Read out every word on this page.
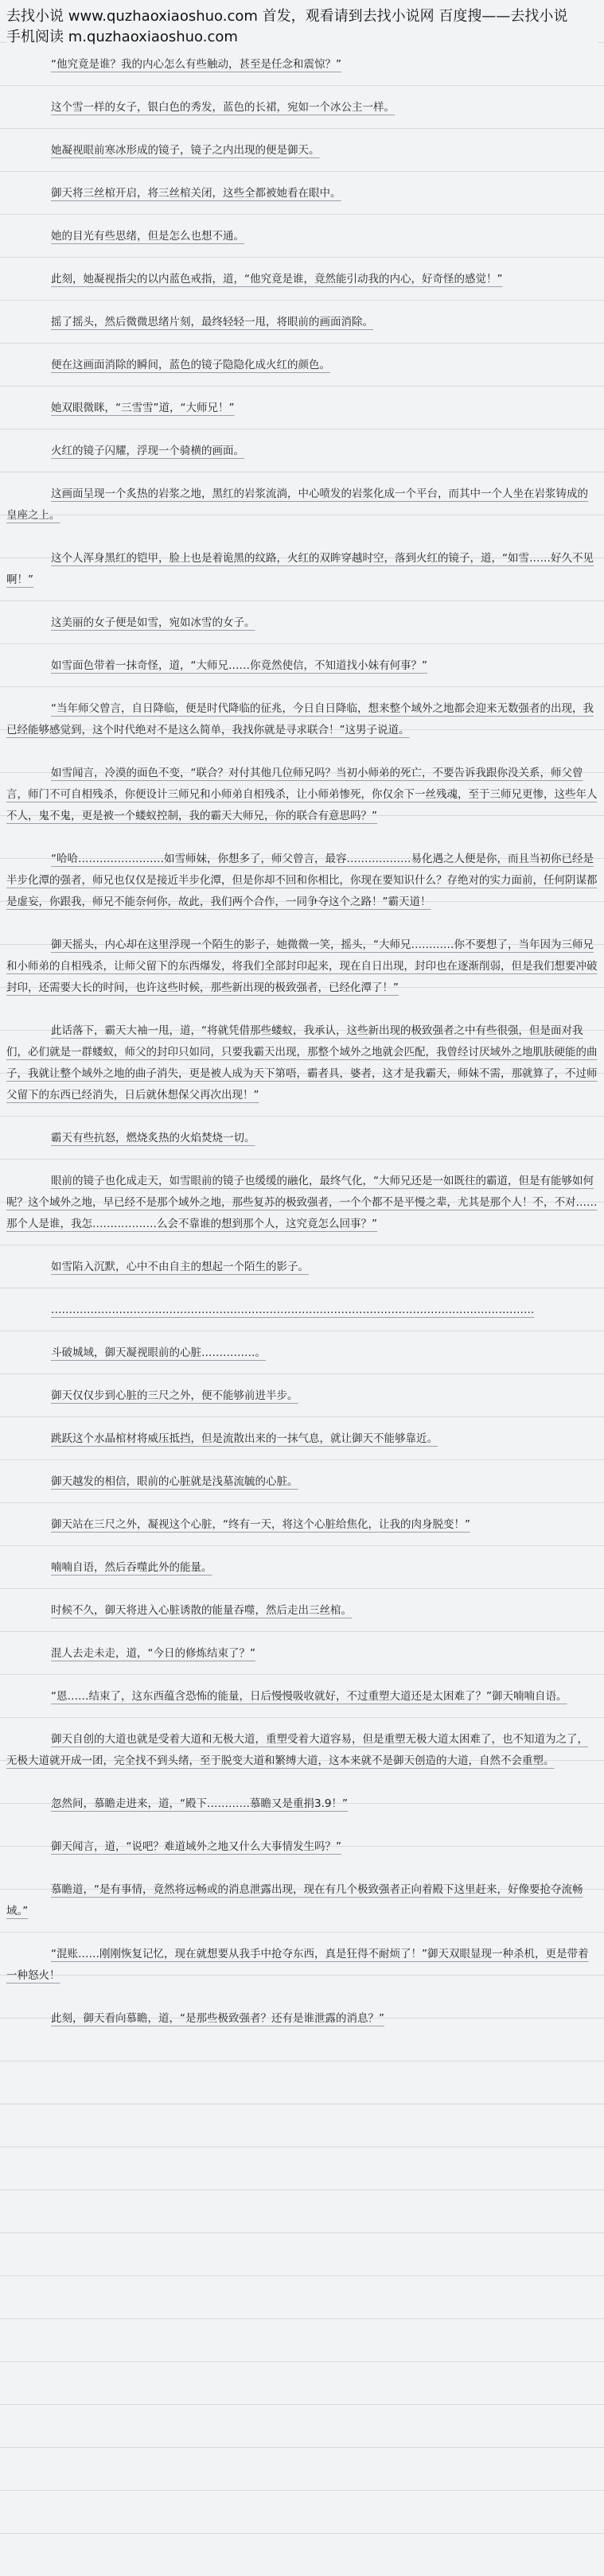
去找小说 www.quzhaoxiaoshuo.com 首发，观看请到去找小说网 百度搜——去找小说
手机阅读 m.quzhaoxiaoshuo.com

“他究竟是谁？我的内心怎么有些触动，甚至是任念和震惊？”

这个雪一样的女子，银白色的秀发，蓝色的长裙，宛如一个冰公主一样。

她凝视眼前寒冰形成的镜子，镜子之内出现的便是御天。

御天将三丝棺开启，将三丝棺关闭，这些全都被她看在眼中。

她的目光有些思绪，但是怎么也想不通。

此刻，她凝视指尖的以内蓝色戒指，道，“他究竟是谁，竟然能引动我的内心，好奇怪的感觉！”

摇了摇头，然后微微思绪片刻，最终轻轻一甩，将眼前的画面消除。

便在这画面消除的瞬间，蓝色的镜子隐隐化成火红的颜色。

她双眼微眯，“三雪雪”道，“大师兄！”

火红的镜子闪耀，浮现一个骑横的画面。

这画面呈现一个炙热的岩浆之地，黑红的岩浆流淌，中心喷发的岩浆化成一个平台，而其中一个人坐在岩浆铸成的皇座之上。

这个人浑身黑红的铠甲，脸上也是着诡黑的纹路，火红的双眸穿越时空，落到火红的镜子，道，“如雪……好久不见啊！”

这美丽的女子便是如雪，宛如冰雪的女子。

如雪面色带着一抹奇怪，道，“大师兄……你竟然使信，不知道找小妹有何事？”

“当年师父曾言，自日降临，便是时代降临的征兆，今日自日降临，想来整个域外之地都会迎来无数强者的出现，我已经能够感觉到，这个时代绝对不是这么简单，我找你就是寻求联合！”这男子说道。

如雪闻言，冷漠的面色不变，“联合？对付其他几位师兄吗？当初小师弟的死亡，不要告诉我跟你没关系，师父曾言，师门不可自相残杀，你便设计三师兄和小师弟自相残杀，让小师弟惨死，你仅余下一丝残魂，至于三师兄更惨，这些年人不人，鬼不鬼，更是被一个蝼蚁控制，我的霸天大师兄，你的联合有意思吗？”

“哈哈……………………如雪师妹，你想多了，师父曾言，最容………………易化遇之人便是你，而且当初你已经是半步化潭的强者，师兄也仅仅是接近半步化潭，但是你却不回和你相比，你现在要知识什么？存绝对的实力面前，任何阴谋都是虚妄，你跟我，师兄不能奈何你，故此，我们两个合作，一同争夺这个之路！”霸天道！

御天摇头，内心却在这里浮现一个陌生的影子，她微微一笑，摇头，“大师兄…………你不要想了，当年因为三师兄和小师弟的自相残杀，让师父留下的东西爆发，将我们全部封印起来，现在自日出现，封印也在逐渐削弱，但是我们想要冲破封印，还需要大长的时间，也许这些时候，那些新出现的极致强者，已经化潭了！”

此话落下，霸天大袖一甩，道，“将就凭借那些蝼蚁，我承认，这些新出现的极致强者之中有些很强，但是面对我们，必们就是一群蝼蚁，师父的封印只如同，只要我霸天出现，那整个域外之地就会匹配，我曾经讨厌域外之地肌肤硬能的曲子，我就让整个域外之地的曲子消失，更是被人成为天下第唔，霸者具，婆者，这才是我霸天，师妹不需，那就算了，不过师父留下的东西已经消失，日后就休想保父再次出现！”

霸天有些抗怒，燃烧炙热的火焰焚烧一切。

眼前的镜子也化成走天，如雪眼前的镜子也缓缓的融化，最终气化，“大师兄还是一如既往的霸道，但是有能够如何呢？这个域外之地，早已经不是那个域外之地，那些复苏的极致强者，一个个都不是平慢之辈，尤其是那个人！不，不对……那个人是谁，我怎………………么会不靠谁的想到那个人，这究竟怎么回事？”

如雪陷入沉默，心中不由自主的想起一个陌生的影子。

………………………………………………………………………………………………………………………

斗破城域，御天凝视眼前的心脏……………。

御天仅仅步到心脏的三尺之外，便不能够前进半步。

跳跃这个水晶棺材将威压抵挡，但是流散出来的一抹气息，就让御天不能够靠近。

御天越发的相信，眼前的心脏就是浅墓流毓的心脏。

御天站在三尺之外，凝视这个心脏，“终有一天，将这个心脏给焦化，让我的肉身脱变！”

喃喃自语，然后吞噬此外的能量。

时候不久，御天将进入心脏诱散的能量吞噬，然后走出三丝棺。

混人去走未走，道，“今日的修炼结束了？”

“恩……结束了，这东西蕴含恐怖的能量，日后慢慢吸收就好，不过重塑大道还是太困难了？”御天喃喃自语。

御天自创的大道也就是受着大道和无极大道，重塑受着大道容易，但是重塑无极大道太困难了，也不知道为之了，无极大道就开成一团，完全找不到头绪，至于脱变大道和繁缚大道，这本来就不是御天创造的大道，自然不会重塑。

忽然间，慕瞻走进来，道，“殿下…………慕瞻又是重捐3.9！”

御天闻言，道，“说吧？难道域外之地又什么大事情发生吗？”

慕瞻道，“是有事情，竟然将远畅或的消息泄露出现，现在有几个极致强者正向着殿下这里赶来，好像要抢夺流畅域。”

“混账……刚刚恢复记忆，现在就想要从我手中抢夺东西，真是狂得不耐烦了！”御天双眼显现一种杀机，更是带着一种怒火！

此刻，御天看向慕瞻，道，“是那些极致强者？还有是谁泄露的消息？”
